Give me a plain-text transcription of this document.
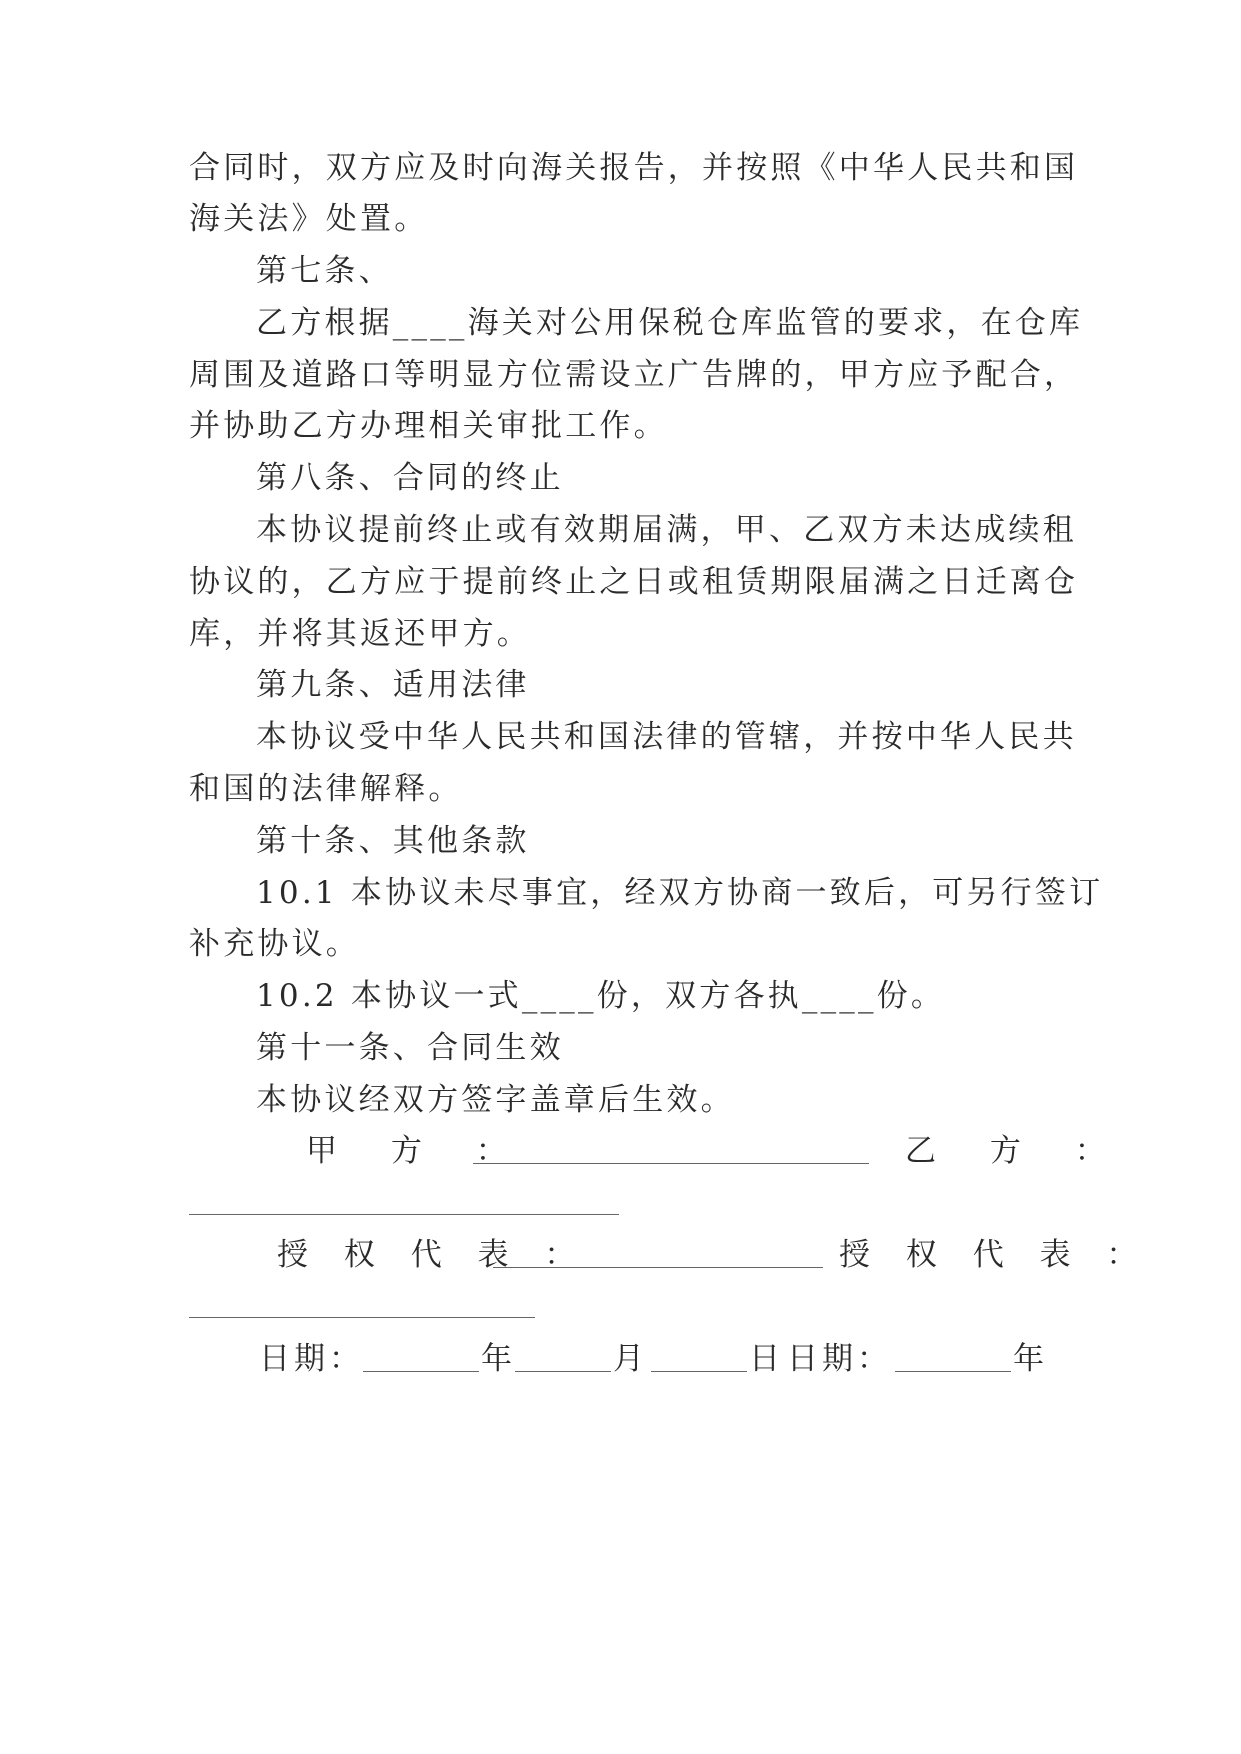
合同时，双方应及时向海关报告，并按照《中华人民共和国
海关法》处置。
第七条、
乙方根据____海关对公用保税仓库监管的要求，在仓库
周围及道路口等明显方位需设立广告牌的，甲方应予配合，
并协助乙方办理相关审批工作。
第八条、合同的终止
本协议提前终止或有效期届满，甲、乙双方未达成续租
协议的，乙方应于提前终止之日或租赁期限届满之日迁离仓
库，并将其返还甲方。
第九条、适用法律
本协议受中华人民共和国法律的管辖，并按中华人民共
和国的法律解释。
第十条、其他条款
10.1 本协议未尽事宜，经双方协商一致后，可另行签订
补充协议。
10.2 本协议一式____份，双方各执____份。
第十一条、合同生效
本协议经双方签字盖章后生效。
甲 方 ：	乙 方 ：
授 权 代 表 ：	授 权 代 表 ：
日期：	年	月	日 日期：	年
